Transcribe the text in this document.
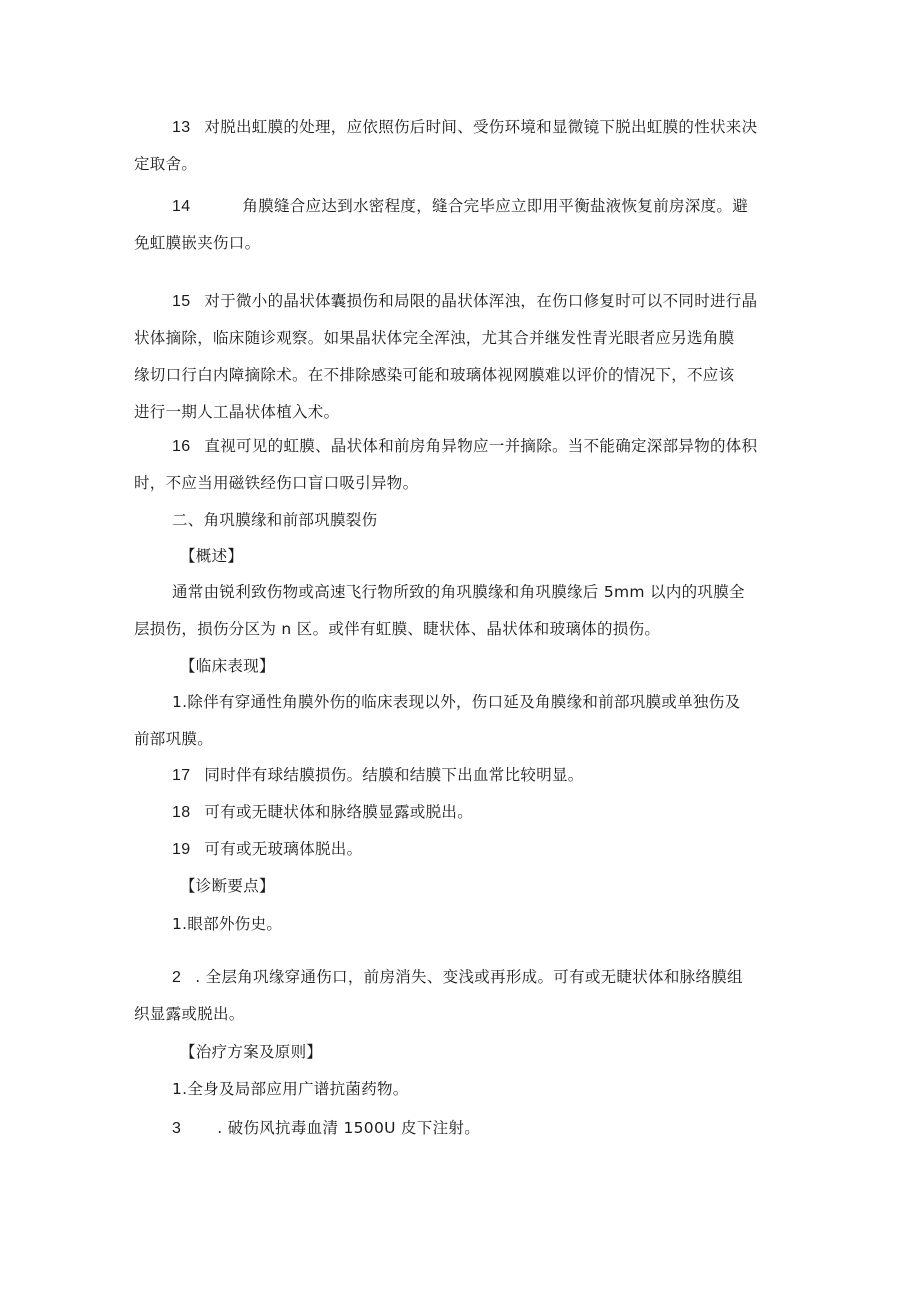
13 对脱出虹膜的处理，应依照伤后时间、受伤环境和显微镜下脱出虹膜的性状来决
定取舍。
14	角膜缝合应达到水密程度，缝合完毕应立即用平衡盐液恢复前房深度。避
免虹膜嵌夹伤口。
15 对于微小的晶状体囊损伤和局限的晶状体浑浊，在伤口修复时可以不同时进行晶
状体摘除，临床随诊观察。如果晶状体完全浑浊，尤其合并继发性青光眼者应另选角膜
缘切口行白内障摘除术。在不排除感染可能和玻璃体视网膜难以评价的情况下，不应该
进行一期人工晶状体植入术。
16 直视可见的虹膜、晶状体和前房角异物应一并摘除。当不能确定深部异物的体积
时，不应当用磁铁经伤口盲口吸引异物。
二、角巩膜缘和前部巩膜裂伤
【概述】
通常由锐利致伤物或高速飞行物所致的角巩膜缘和角巩膜缘后 5mm 以内的巩膜全
层损伤，损伤分区为 n 区。或伴有虹膜、睫状体、晶状体和玻璃体的损伤。
【临床表现】
1.除伴有穿通性角膜外伤的临床表现以外，伤口延及角膜缘和前部巩膜或单独伤及
前部巩膜。
17 同时伴有球结膜损伤。结膜和结膜下出血常比较明显。
18 可有或无睫状体和脉络膜显露或脱出。
19 可有或无玻璃体脱出。
【诊断要点】
1.眼部外伤史。
2 . 全层角巩缘穿通伤口，前房消失、变浅或再形成。可有或无睫状体和脉络膜组
织显露或脱出。
【治疗方案及原则】
1.全身及局部应用广谱抗菌药物。
3 . 破伤风抗毒血清 1500U 皮下注射。
